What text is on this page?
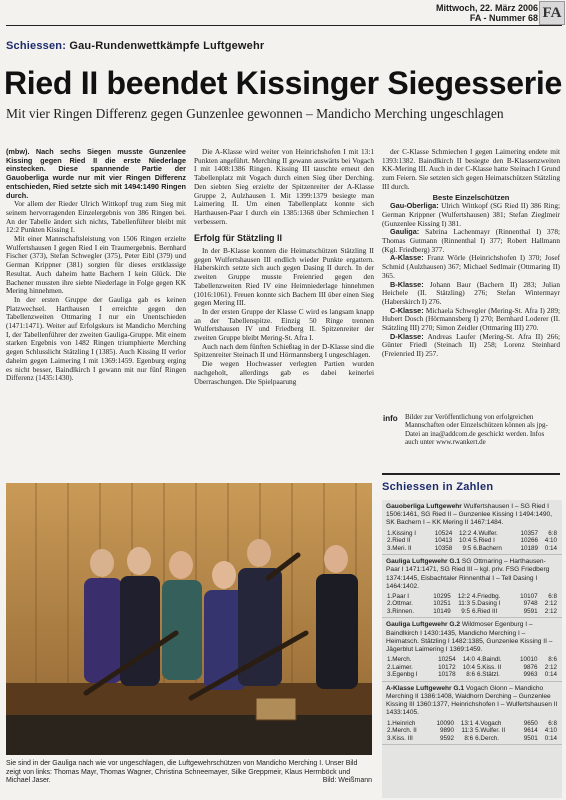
Mittwoch, 22. März 2006
FA - Nummer 68 FA
Schiessen: Gau-Rundenwettkämpfe Luftgewehr
Ried II beendet Kissinger Siegesserie
Mit vier Ringen Differenz gegen Gunzenlee gewonnen – Mandicho Merching ungeschlagen

(mbw). Nach sechs Siegen musste Gunzenlee Kissing gegen Ried II die erste Niederlage einstecken. Diese spannende Partie der Gauoberliga wurde nur mit vier Ringen Differenz entschieden, Ried setzte sich mit 1494:1490 Ringen durch.

Vor allem der Rieder Ulrich Wittkopf trug zum Sieg mit seinem hervorragenden Einzelergebnis von 386 Ringen bei. An der Tabelle ändert sich nichts, Tabellenführer bleibt mit 12:2 Punkten Kissing I.

Mit einer Mannschaftsleistung von 1506 Ringen erzielte Wulfertshausen I gegen Ried I ein Traumergebnis. Bernhard Fischer (373), Stefan Schwegler (375), Peter Eibl (379) und German Krippner (381) sorgten für dieses erstklassige Resultat. Auch daheim hatte Bachern I kein Glück. Die Bachener mussten ihre siebte Niederlage in Folge gegen KK Mering hinnehmen.

In der ersten Gruppe der Gauliga gab es keinen Platzwechsel. Harthausen I erreichte gegen den Tabellenzweiten Ottmaring I nur ein Unentschieden (1471:1471). Weiter auf Erfolgskurs ist Mandicho Merching I, der Tabellenführer der zweiten Gauliga-Gruppe. Mit einem starken Ergebnis von 1482 Ringen triumphierte Merching gegen Schlusslicht Stätzling I (1385). Auch Kissing II verlor daheim gegen Laimering I mit 1369:1459. Egenburg erging es nicht besser, Baindlkirch I gewann mit nur fünf Ringen Differenz (1435:1430).

Die A-Klasse wird weiter von Heinrichshofen I mit 13:1 Punkten angeführt. Merching II gewann auswärts bei Vogach I mit 1408:1386 Ringen. Kissing III tauschte erneut den Tabellenplatz mit Vogach durch einen Sieg über Derching. Den siebten Sieg erzielte der Spitzenreiter der A-Klasse Gruppe 2, Aulzhausen I. Mit 1399:1379 besiegte man Laimering II. Um einen Tabellenplatz konnte sich Harthausen-Paar I durch ein 1385:1368 über Schmiechen I verbessern.

Erfolg für Stätzling II

In der B-Klasse konnten die Heimatschützen Stätzling II gegen Wulfertshausen III endlich wieder Punkte ergattern. Haberskirch setzte sich auch gegen Dasing II durch. In der zweiten Gruppe musste Freienried gegen den Tabellenzweiten Ried IV eine Heimniederlage hinnehmen (1016:1061). Freuen konnte sich Bachern III über einen Sieg gegen Mering III.

In der ersten Gruppe der Klasse C wird es langsam knapp an der Tabellenspitze. Einzig 50 Ringe trennen Wulfertshausen IV und Friedberg II. Spitzenreiter der zweiten Gruppe bleibt Mering-St. Afra I.

Auch nach dem fünften Schießtag in der D-Klasse sind die Spitzenreiter Steinach II und Hörmannsberg I ungeschlagen.

Die wegen Hochwasser verlegten Partien wurden nachgeholt, allerdings gab es dabei keinerlei Überraschungen. Die Spielpaarung

der C-Klasse Schmiechen I gegen Laimering endete mit 1393:1382. Baindlkirch II besiegte den B-Klassenzweiten KK-Mering III. Auch in der C-Klasse hatte Steinach I Grund zum Feiern. Sie setzten sich gegen Heimatschützen Stätzling III durch.

Beste Einzelschützen

Gau-Oberliga: Ulrich Wittkopf (SG Ried II) 386 Ring; German Krippner (Wulfertshausen) 381; Stefan Zieglmeir (Gunzenlee Kissing I) 381.

Gauliga: Sabrina Lachenmayr (Rinnenthal I) 378; Thomas Gutmann (Rinnenthal I) 377; Robert Hallmann (Kgl. Friedberg) 377.

A-Klasse: Franz Wörle (Heinrichshofen I) 370; Josef Schmid (Aulzhausen) 367; Michael Sedlmair (Ottmaring II) 365.

B-Klasse: Johann Baur (Bachern II) 283; Julian Heichele (II. Stätzling) 276; Stefan Wintermayr (Haberskirch I) 276.

C-Klasse: Michaela Schwegler (Mering-St. Afra I) 289; Hubert Dosch (Hörmannsberg I) 270; Bernhard Loderer (II. Stätzling III) 270; Simon Zeidler (Ottmaring III) 270.

D-Klasse: Andreas Laufer (Mering-St. Afra II) 266; Günter Friedl (Steinach II) 258; Lorenz Steinhard (Freienried II) 257.

info Bilder zur Veröffentlichung von erfolgreichen Mannschaften oder Einzelschützen können als jpg-Datei an ina@addcom.de geschickt werden. Infos auch unter www.rwankert.de
Sie sind in der Gauliga nach wie vor ungeschlagen, die Luftgewehrschützen von Mandicho Merching I. Unser Bild zeigt von links: Thomas Mayr, Thomas Wagner, Christina Schneemayer, Silke Greppmeir, Klaus Herrnböck und Michael Jaser.	Bild: Weißmann
Schiessen in Zahlen
Gauoberliga Luftgewehr Wulfertshausen I – SG Ried I 1506:1461, SG Ried II – Gunzenlee Kissing I 1494:1490, SK Bachern I – KK Mering II 1467:1484.
1.Kissing I	10524	12:2	4.Wulfer.	10357	6:8
2.Ried II	10413	10:4	5.Ried I	10266	4:10
3.Meri. II	10358	9:5	6.Bachern	10189	0:14
Gauliga Luftgewehr G.1 SG Ottmaring – Harthausen-Paar I 1471:1471, SG Ried III – kgl. priv. FSG Friedberg 1374:1445, Eisbachtaler Rinnenthal I – Tell Dasing I 1464:1402.
1.Paar I	10295	12:2	4.Friedbg.	10107	6:8
2.Ottmar.	10251	11:3	5.Dasing I	9748	2:12
3.Rinnen.	10149	9:5	6.Ried III	9591	2:12
Gauliga Luftgewehr G.2 Wildmoser Egenburg I – Baindlkirch I 1430:1435, Mandicho Merching I – Heimatsch. Stätzling I 1482:1385, Gunzenlee Kissing II – Jägerblut Laimering I 1369:1459.
1.Merch.	10254	14:0	4.Baindl.	10010	8:6
2.Laimer.	10172	10:4	5.Kiss. II	9876	2:12
3.Egenbg I	10178	8:6	6.Stätzl.	9963	0:14
A-Klasse Luftgewehr G.1 Vogach Glonn – Mandicho Merching II 1386:1408, Waldhorn Derching – Gunzenlee Kissing III 1360:1377, Heinrichshofen I – Wulfertshausen II 1433:1405.
1.Heinrich	10090	13:1	4.Vogach	9650	6:8
2.Merch. II	9890	11:3	5.Wulfer. II	9614	4:10
3.Kiss. III	9592	8:6	6.Derch.	9501	0:14
